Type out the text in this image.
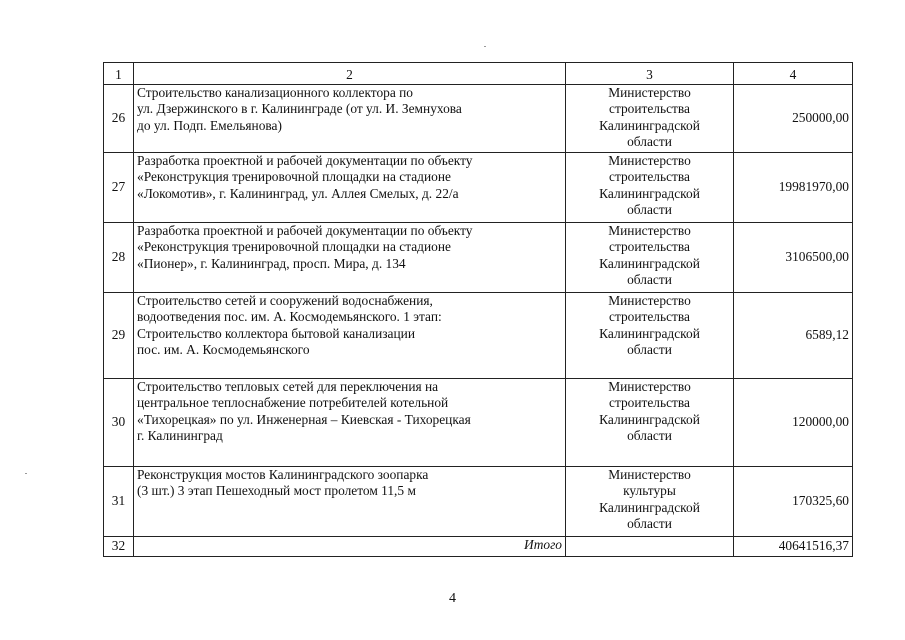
1	2	3	4
26	Строительство канализационного коллектора по
ул. Дзержинского в г. Калининграде (от ул. И. Земнухова
до ул. Подп. Емельянова)	Министерство
строительства
Калининградской
области	250000,00
27	Разработка проектной и рабочей документации по объекту
«Реконструкция тренировочной площадки на стадионе
«Локомотив», г. Калининград, ул. Аллея Смелых, д. 22/а	Министерство
строительства
Калининградской
области	19981970,00
28	Разработка проектной и рабочей документации по объекту
«Реконструкция тренировочной площадки на стадионе
«Пионер», г. Калининград, просп. Мира, д. 134	Министерство
строительства
Калининградской
области	3106500,00
29	Строительство сетей и сооружений водоснабжения,
водоотведения пос. им. А. Космодемьянского. 1 этап:
Строительство коллектора бытовой канализации
пос. им. А. Космодемьянского	Министерство
строительства
Калининградской
области	6589,12
30	Строительство тепловых сетей для переключения на
центральное теплоснабжение потребителей котельной
«Тихорецкая» по ул. Инженерная – Киевская - Тихорецкая
г. Калининград	Министерство
строительства
Калининградской
области	120000,00
31	Реконструкция мостов Калининградского зоопарка
(3 шт.) 3 этап Пешеходный мост пролетом 11,5 м	Министерство
культуры
Калининградской
области	170325,60
32	Итого		40641516,37
4
